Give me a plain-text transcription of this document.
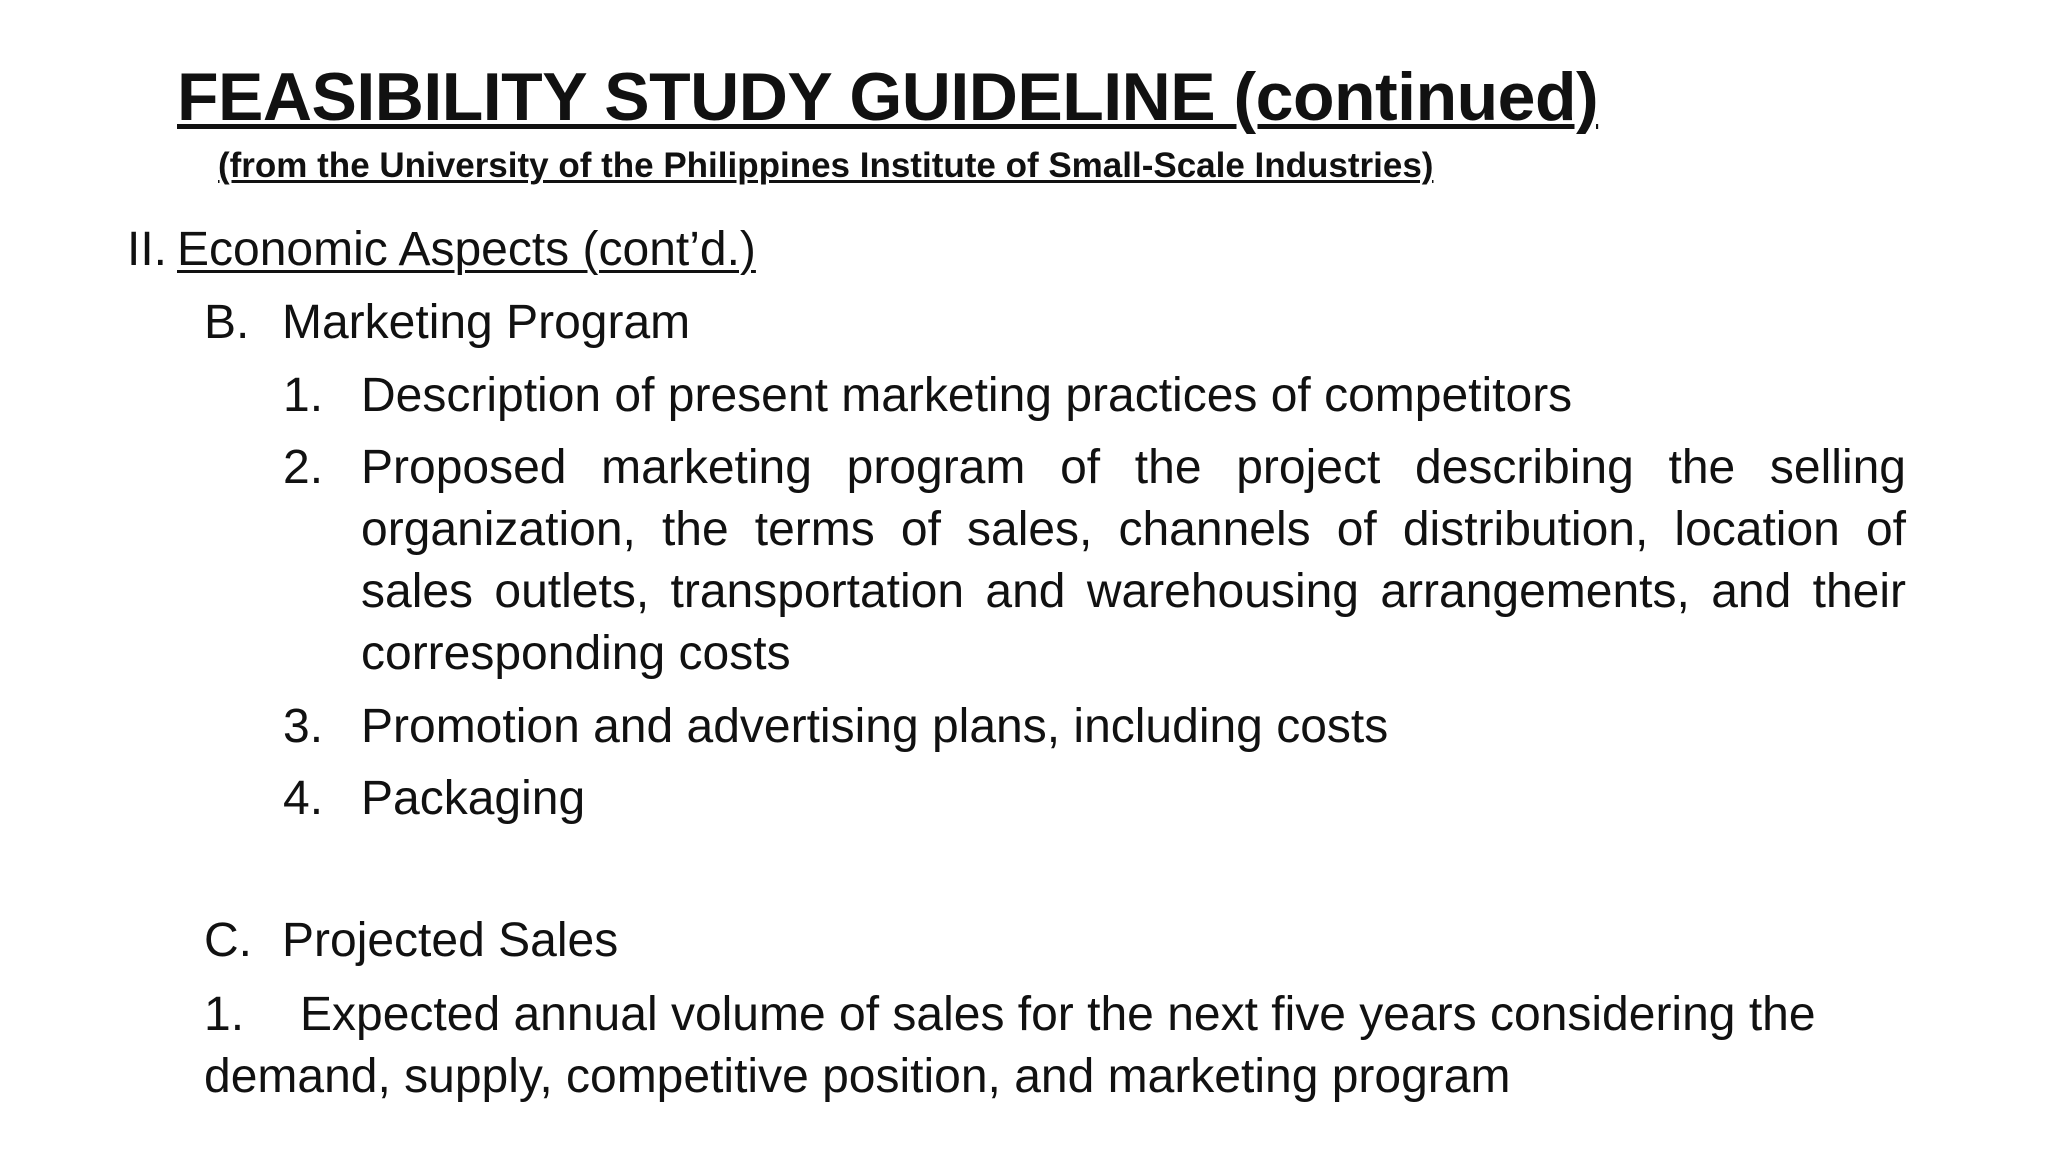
FEASIBILITY STUDY GUIDELINE (continued)
(from the University of the Philippines Institute of Small-Scale Industries)
II. Economic Aspects (cont’d.)
B. Marketing Program
1. Description of present marketing practices of competitors
2. Proposed marketing program of the project describing the selling organization, the terms of sales, channels of distribution, location of sales outlets, transportation and warehousing arrangements, and their corresponding costs
3. Promotion and advertising plans, including costs
4. Packaging
C. Projected Sales
1. Expected annual volume of sales for the next five years considering the demand, supply, competitive position, and marketing program
